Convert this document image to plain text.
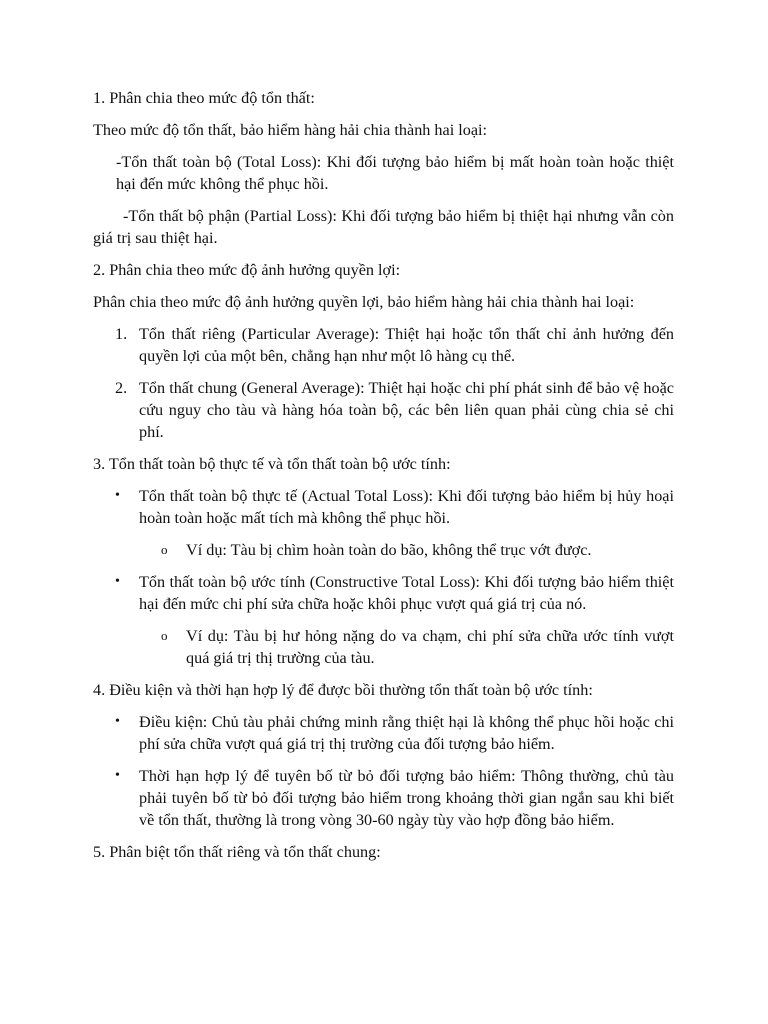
1. Phân chia theo mức độ tổn thất:

Theo mức độ tổn thất, bảo hiểm hàng hải chia thành hai loại:

-Tổn thất toàn bộ (Total Loss): Khi đối tượng bảo hiểm bị mất hoàn toàn hoặc thiệt hại đến mức không thể phục hồi.

-Tổn thất bộ phận (Partial Loss): Khi đối tượng bảo hiểm bị thiệt hại nhưng vẫn còn giá trị sau thiệt hại.

2. Phân chia theo mức độ ảnh hưởng quyền lợi:

Phân chia theo mức độ ảnh hưởng quyền lợi, bảo hiểm hàng hải chia thành hai loại:

1. Tổn thất riêng (Particular Average): Thiệt hại hoặc tổn thất chỉ ảnh hưởng đến quyền lợi của một bên, chẳng hạn như một lô hàng cụ thể.
2. Tổn thất chung (General Average): Thiệt hại hoặc chi phí phát sinh để bảo vệ hoặc cứu nguy cho tàu và hàng hóa toàn bộ, các bên liên quan phải cùng chia sẻ chi phí.

3. Tổn thất toàn bộ thực tế và tổn thất toàn bộ ước tính:

• Tổn thất toàn bộ thực tế (Actual Total Loss): Khi đối tượng bảo hiểm bị hủy hoại hoàn toàn hoặc mất tích mà không thể phục hồi.
o Ví dụ: Tàu bị chìm hoàn toàn do bão, không thể trục vớt được.
• Tổn thất toàn bộ ước tính (Constructive Total Loss): Khi đối tượng bảo hiểm thiệt hại đến mức chi phí sửa chữa hoặc khôi phục vượt quá giá trị của nó.
o Ví dụ: Tàu bị hư hỏng nặng do va chạm, chi phí sửa chữa ước tính vượt quá giá trị thị trường của tàu.

4. Điều kiện và thời hạn hợp lý để được bồi thường tổn thất toàn bộ ước tính:

• Điều kiện: Chủ tàu phải chứng minh rằng thiệt hại là không thể phục hồi hoặc chi phí sửa chữa vượt quá giá trị thị trường của đối tượng bảo hiểm.
• Thời hạn hợp lý để tuyên bố từ bỏ đối tượng bảo hiểm: Thông thường, chủ tàu phải tuyên bố từ bỏ đối tượng bảo hiểm trong khoảng thời gian ngắn sau khi biết về tổn thất, thường là trong vòng 30-60 ngày tùy vào hợp đồng bảo hiểm.

5. Phân biệt tổn thất riêng và tổn thất chung:
